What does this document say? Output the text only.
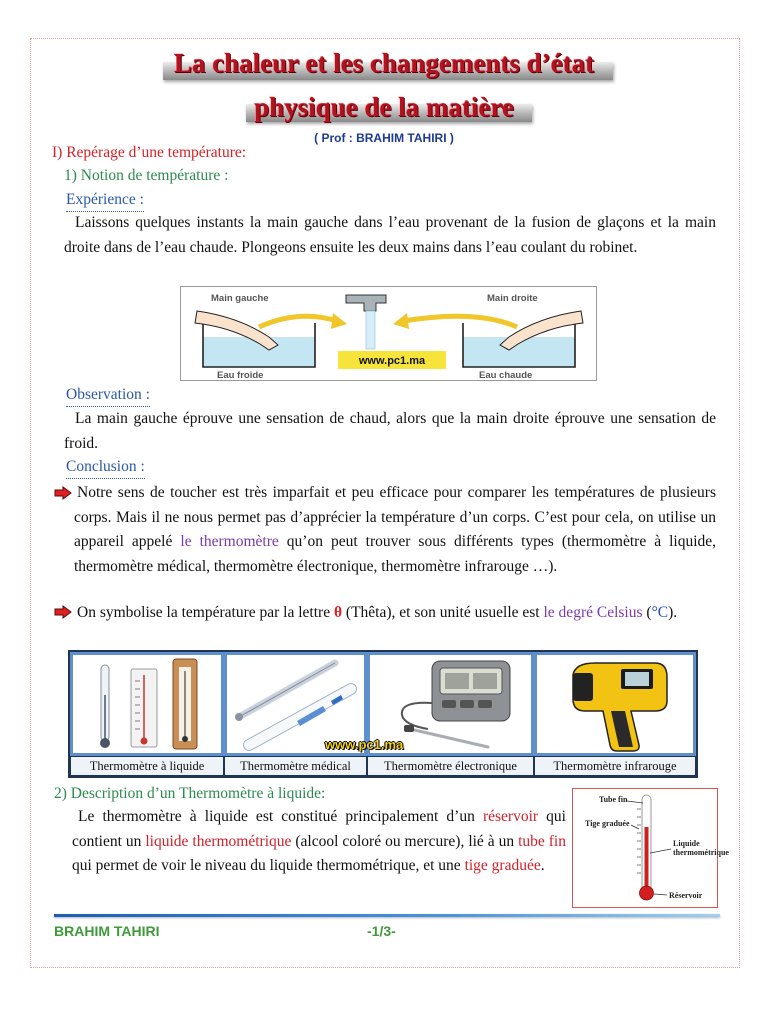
La chaleur et les changements d’état
physique de la matière
( Prof : BRAHIM TAHIRI )
I) Repérage d’une température:
1) Notion de température :
Expérience :
Laissons quelques instants la main gauche dans l’eau provenant de la fusion de glaçons et la main droite dans de l’eau chaude. Plongeons ensuite les deux mains dans l’eau coulant du robinet.
Main gauche	Main droite
Eau froide	Eau chaude
www.pc1.ma
Observation :
La main gauche éprouve une sensation de chaud, alors que la main droite éprouve une sensation de froid.
Conclusion :
Notre sens de toucher est très imparfait et peu efficace pour comparer les températures de plusieurs corps. Mais il ne nous permet pas d’apprécier la température d’un corps. C’est pour cela, on utilise un appareil appelé le thermomètre qu’on peut trouver sous différents types (thermomètre à liquide, thermomètre médical, thermomètre électronique, thermomètre infrarouge …).
On symbolise la température par la lettre θ (Thêta), et son unité usuelle est le degré Celsius (°C).
Thermomètre à liquide	Thermomètre médical	Thermomètre électronique	Thermomètre infrarouge
www.pc1.ma
2) Description d’un Thermomètre à liquide:
Le thermomètre à liquide est constitué principalement d’un réservoir qui contient un liquide thermométrique (alcool coloré ou mercure), lié à un tube fin qui permet de voir le niveau du liquide thermométrique, et une tige graduée.
Tube fin
Tige graduée
Liquide thermométrique
Réservoir
BRAHIM TAHIRI	-1/3-
